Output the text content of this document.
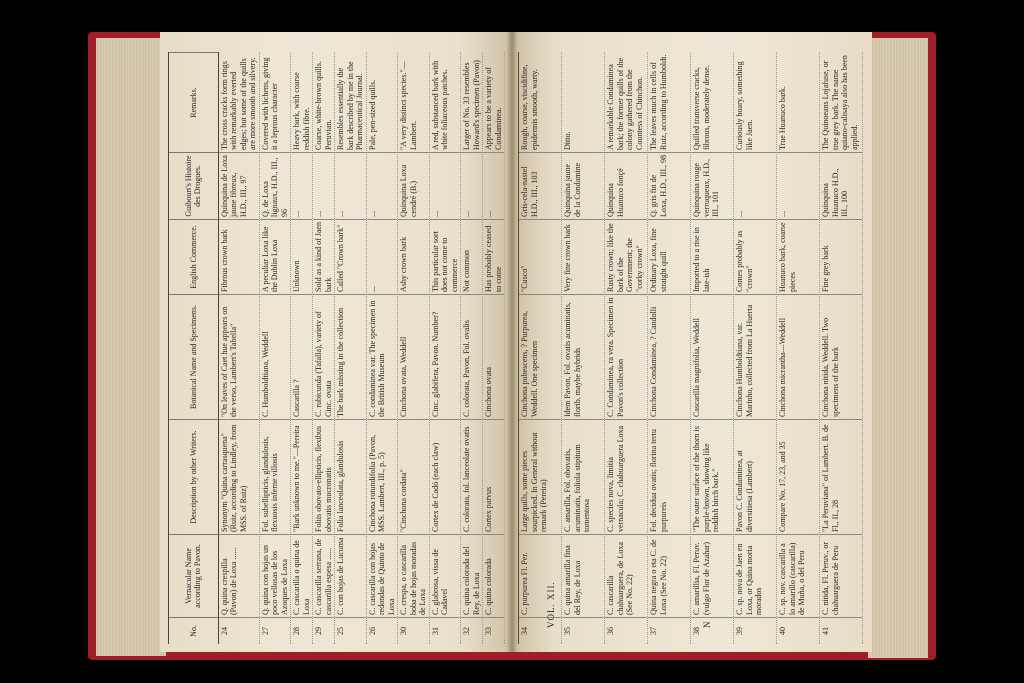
No.
Vernacular Name according to Pavon.
Description by other Writers.
Botanical Name and Specimens.
English Commerce.
Guibourt's Histoire des Drogues.
Remarks.
24
Q. quina crespilla (Pavon) de Loxa ......
Synonym "Quina carrasquena" (Ruiz, according to Lindley, from MSS. of Ruiz)
"On leaves of Caet hue appears on the verso, Lambert's Tabella"
Fibrous crown bark
Quinquina de Loxa jaune fibreux, H.D., III., 97
The cross cracks form rings with remarkably everted edges; but some of the quills are more smooth and silvery.
27
Q. quina con hojas un poco vellosas de los Azoques de Loxa
Fol. subellipticis, glandulosis, flexuosis inferne villosis
C. Humboldtiana, Weddell
A peculiar Loxa like the Dublin Loxa
Q. de Loxa lignaux, H.D., III., 96
Covered with lichens, giving it a leprous character
28
C. cascarilla o quina de Loxa
"Bark unknown to me."—Pereira
Cascarilla ?
Unknown
...
Heavy bark, with coarse reddish fibre.
29
C. cascarilla serrana, de cascarilla espesa ......
Foliis obovato-ellipticis, flexibus obovatis mucronatis
C. rubicunda (Tafalla), variety of Cinc. ovata
Sold as a kind of Jaen bark
...
Coarse, white-brown quills. Peruvian.
25
C. con hojas de Lucuma
Folia lanceolata, glandulosis
The bark missing in the collection
Called "Crown bark"
...
Resembles essentially the bark described by me in the Pharmaceutical Journal.
26
C. cascarilla con hojas redondas de Quinto de Loxa
Cinchona rotundifolia (Pavon, MSS. Lambert, III., p. 5)
C. condaminea var. The specimen in the British Museum
...
...
Pale, pen-sized quills.
30
C. crespa, o cascarilla boba de hojas moradas de Loxa
"Cinchona cordata"
Cinchona ovata, Weddell
Ashy crown bark
Quinquina Loxa cendré (B.)
"A very distinct species."—Lambert.
31
C. glabrosa, vissa de Cadavel
Cortex de Cadó (each claw)
Cinc. glabifera, Pavon. Number?
This particular sort does not come to commerce
...
A red, substanced bark with white foliaceous patches.
32
C. quina colorada del Rey, de Loxa
C. colorata, fol. lanceolate ovatis
C. colorata, Pavon, Fol. ovalis
Not common
...
Larger of No. 33 resembles Howard's specimen (Pavon)
33
C. quina colorada
Cortex parvus
Cinchona ovata
Has probably ceased to come
...
Appears to be a variety of Condaminea.
34
C. purpurea Fl. Per.
Large quills, some pieces sourpicked. In General without remark (Pereira)
Cinchona pubescens, ? Purpurea, Weddell. One specimen
"Cusco"
Gris-cela-nastel H.D., III., 103
Rough, coarse, viscidifine, epidermis smooth, warty.
35
C. quina amarilla fina del Rey, de Loxa
C. amarilla, Fol. obovatis, acuminatis, foliola stipitum tomentosa
Idem Pavon, Fol. ovatis acuminatis, florib. maybe hybrids
Very fine crown bark
Quinquina jaune de la Condamine
Ditto.
36
C. cascarilla chahuarguera, de Loxa (See No. 22)
C. species nova, limitia vernacula; C. chahuarguera Loxa
C. Condaminea, ra vera. Specimen in Pavon's collection
Rusty crown; like the bark of the Government; the "corky crown"
Quinquina Huanuco fonçé
A remarkable Condaminea bark; the former quills of the colony gathered from the Countess of Chinchon.
37
Quina negra o eta C. de Loxa (See No. 22)
Fol. decidua ovatis; florina tertu purpureis
Cinchona Condaminea, ? Candolli
Ordinary Loxa, fine straight quill
Q. gris fin de Loxa, H.D., III., 98
The leaves much in cells of Ruiz, according to Humboldt.
38
C. amarillia, Fl. Peruv. (vulgo Flor de Azahar)
"The outer surface of the thorn is purple-brown, showing like reddish birch bark."
Cascarilla magnifolia, Weddell
Imported to a rise in late-ish
Quinquina rouge verruqueux, H.D., III., 101
Quilled transverse cracks, fibrous, moderately dense.
39
C. sp. nova de Jaen en Loxa, or Quina moria morados
Pavon C. Condaminea, at diversitiesa (Lambert)
Cinchona Humboldtiana, var. Marinho, collected from La Huerta
Comes probably as "crown"
...
Curiously hoary, something like Jaen.
40
C. sp. nov. cascarilla a lo amarillo (cascarilla) de Muña, o del Peru
Compare No. 17, 23, and 35
Cinchona micrantha—Weddell
Huanuco bark, coarse pieces
...
True Huanuco bark.
41
C. nitida, Fl. Peruv., or chahuarguera de Peru
"La Peruviana" of Lambert. B. de Fl., II., 28
Cinchona nitida, Weddell. Two specimens of the bark
Fine grey bark
Quinquina Huanuco H.D., III., 100
The Quinoeans Lojafuse, or true grey bark. The name quiano-calisaya also has been applied.
VOL. XII.	N
